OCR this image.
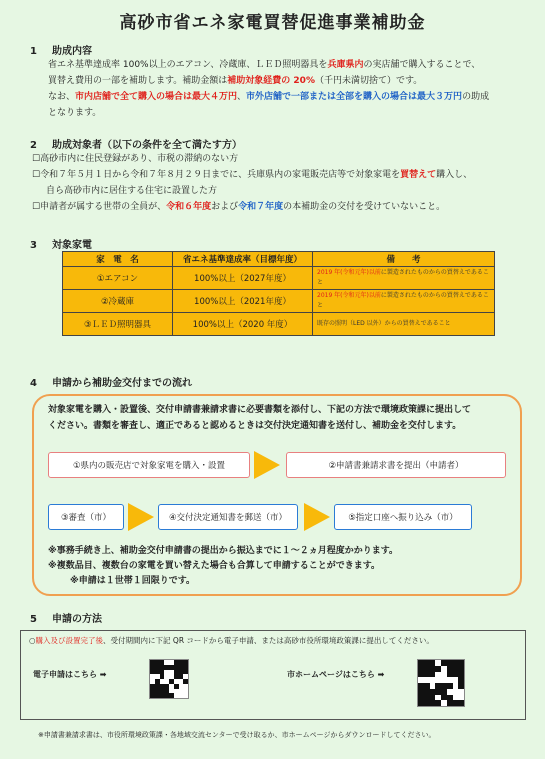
高砂市省エネ家電買替促進事業補助金
1 助成内容
省エネ基準達成率 100%以上のエアコン、冷蔵庫、ＬＥＤ照明器具を兵庫県内の実店舗で購入することで、
買替え費用の一部を補助します。補助金額は補助対象経費の 20%（千円未満切捨て）です。
なお、市内店舗で全て購入の場合は最大４万円、市外店舗で一部または全部を購入の場合は最大３万円の助成
となります。
2 助成対象者（以下の条件を全て満たす方）
☐高砂市内に住民登録があり、市税の滞納のない方
☐令和７年５月１日から令和７年８月２９日までに、兵庫県内の家電販売店等で対象家電を買替えて購入し、
自ら高砂市内に居住する住宅に設置した方
☐申請者が属する世帯の全員が、令和６年度および令和７年度の本補助金の交付を受けていないこと。
3 対象家電
家　電　名	省エネ基準達成率（目標年度）	備　　考
①エアコン	100%以上（2027年度）	2019 年(令和元年)以前に製造されたものからの買替えであること
②冷蔵庫	100%以上（2021年度）	2019 年(令和元年)以前に製造されたものからの買替えであること
③ＬＥＤ照明器具	100%以上（2020 年度）	既存の照明（LED 以外）からの買替えであること
4 申請から補助金交付までの流れ
対象家電を購入・設置後、交付申請書兼請求書に必要書類を添付し、下記の方法で環境政策課に提出して
ください。書類を審査し、適正であると認めるときは交付決定通知書を送付し、補助金を交付します。
①県内の販売店で対象家電を購入・設置	②申請書兼請求書を提出（申請者）
③審査（市）	④交付決定通知書を郵送（市）	⑤指定口座へ振り込み（市）
※事務手続き上、補助金交付申請書の提出から振込までに１～２ヵ月程度かかります。
※複数品目、複数台の家電を買い替えた場合も合算して申請することができます。
※申請は１世帯１回限りです。
5 申請の方法
○購入及び設置完了後、受付期間内に下記 QR コードから電子申請、または高砂市役所環境政策課に提出してください。
電子申請はこちら ➡	市ホームページはこちら ➡
※申請書兼請求書は、市役所環境政策課・各地域交流センターで受け取るか、市ホームページからダウンロードしてください。
